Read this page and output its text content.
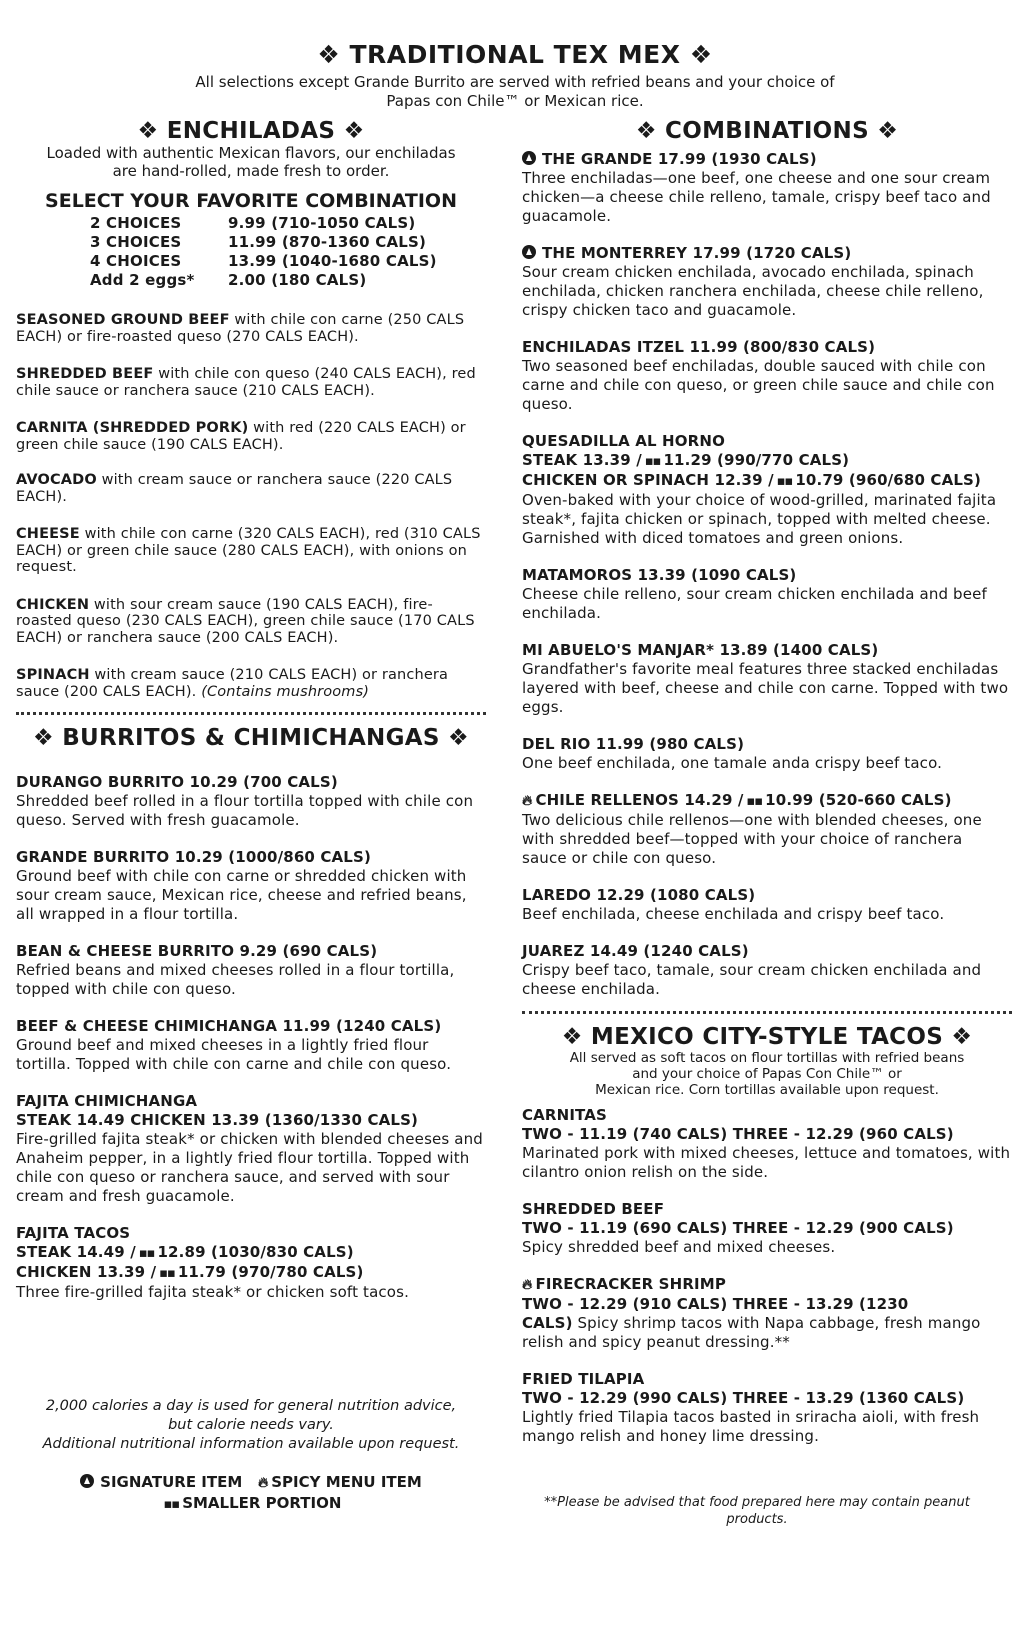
❖ TRADITIONAL TEX MEX ❖
All selections except Grande Burrito are served with refried beans and your choice of
Papas con Chile™ or Mexican rice.
❖ ENCHILADAS ❖
Loaded with authentic Mexican flavors, our enchiladas
are hand-rolled, made fresh to order.
SELECT YOUR FAVORITE COMBINATION
2 CHOICES	9.99 (710-1050 CALS)
3 CHOICES	11.99 (870-1360 CALS)
4 CHOICES	13.99 (1040-1680 CALS)
Add 2 eggs*	2.00 (180 CALS)
SEASONED GROUND BEEF with chile con carne (250 CALS EACH) or fire-roasted queso (270 CALS EACH).
SHREDDED BEEF with chile con queso (240 CALS EACH), red chile sauce or ranchera sauce (210 CALS EACH).
CARNITA (SHREDDED PORK) with red (220 CALS EACH) or green chile sauce (190 CALS EACH).
AVOCADO with cream sauce or ranchera sauce (220 CALS EACH).
CHEESE with chile con carne (320 CALS EACH), red (310 CALS EACH) or green chile sauce (280 CALS EACH), with onions on request.
CHICKEN with sour cream sauce (190 CALS EACH), fire-roasted queso (230 CALS EACH), green chile sauce (170 CALS EACH) or ranchera sauce (200 CALS EACH).
SPINACH with cream sauce (210 CALS EACH) or ranchera sauce (200 CALS EACH). (Contains mushrooms)
❖ BURRITOS & CHIMICHANGAS ❖
DURANGO BURRITO 10.29 (700 CALS)
Shredded beef rolled in a flour tortilla topped with chile con queso. Served with fresh guacamole.
GRANDE BURRITO 10.29 (1000/860 CALS)
Ground beef with chile con carne or shredded chicken with sour cream sauce, Mexican rice, cheese and refried beans, all wrapped in a flour tortilla.
BEAN & CHEESE BURRITO 9.29 (690 CALS)
Refried beans and mixed cheeses rolled in a flour tortilla, topped with chile con queso.
BEEF & CHEESE CHIMICHANGA 11.99 (1240 CALS)
Ground beef and mixed cheeses in a lightly fried flour tortilla. Topped with chile con carne and chile con queso.
FAJITA CHIMICHANGA
STEAK 14.49 CHICKEN 13.39 (1360/1330 CALS)
Fire-grilled fajita steak* or chicken with blended cheeses and Anaheim pepper, in a lightly fried flour tortilla. Topped with chile con queso or ranchera sauce, and served with sour cream and fresh guacamole.
FAJITA TACOS
STEAK 14.49 / ▪▪ 12.89 (1030/830 CALS)
CHICKEN 13.39 / ▪▪ 11.79 (970/780 CALS)
Three fire-grilled fajita steak* or chicken soft tacos.
2,000 calories a day is used for general nutrition advice,
but calorie needs vary.
Additional nutritional information available upon request.
SIGNATURE ITEM 🔥︎ SPICY MENU ITEM
▪▪ SMALLER PORTION
❖ COMBINATIONS ❖
THE GRANDE 17.99 (1930 CALS)
Three enchiladas—one beef, one cheese and one sour cream chicken—a cheese chile relleno, tamale, crispy beef taco and guacamole.
THE MONTERREY 17.99 (1720 CALS)
Sour cream chicken enchilada, avocado enchilada, spinach enchilada, chicken ranchera enchilada, cheese chile relleno, crispy chicken taco and guacamole.
ENCHILADAS ITZEL 11.99 (800/830 CALS)
Two seasoned beef enchiladas, double sauced with chile con carne and chile con queso, or green chile sauce and chile con queso.
QUESADILLA AL HORNO
STEAK 13.39 / ▪▪ 11.29 (990/770 CALS)
CHICKEN OR SPINACH 12.39 / ▪▪ 10.79 (960/680 CALS)
Oven-baked with your choice of wood-grilled, marinated fajita steak*, fajita chicken or spinach, topped with melted cheese. Garnished with diced tomatoes and green onions.
MATAMOROS 13.39 (1090 CALS)
Cheese chile relleno, sour cream chicken enchilada and beef enchilada.
MI ABUELO'S MANJAR* 13.89 (1400 CALS)
Grandfather's favorite meal features three stacked enchiladas layered with beef, cheese and chile con carne. Topped with two eggs.
DEL RIO 11.99 (980 CALS)
One beef enchilada, one tamale anda crispy beef taco.
🔥︎ CHILE RELLENOS 14.29 / ▪▪ 10.99 (520-660 CALS)
Two delicious chile rellenos—one with blended cheeses, one with shredded beef—topped with your choice of ranchera sauce or chile con queso.
LAREDO 12.29 (1080 CALS)
Beef enchilada, cheese enchilada and crispy beef taco.
JUAREZ 14.49 (1240 CALS)
Crispy beef taco, tamale, sour cream chicken enchilada and cheese enchilada.
❖ MEXICO CITY-STYLE TACOS ❖
All served as soft tacos on flour tortillas with refried beans
and your choice of Papas Con Chile™ or
Mexican rice. Corn tortillas available upon request.
CARNITAS
TWO - 11.19 (740 CALS) THREE - 12.29 (960 CALS)
Marinated pork with mixed cheeses, lettuce and tomatoes, with cilantro onion relish on the side.
SHREDDED BEEF
TWO - 11.19 (690 CALS) THREE - 12.29 (900 CALS)
Spicy shredded beef and mixed cheeses.
🔥︎ FIRECRACKER SHRIMP
TWO - 12.29 (910 CALS) THREE - 13.29 (1230
CALS) Spicy shrimp tacos with Napa cabbage, fresh mango relish and spicy peanut dressing.**
FRIED TILAPIA
TWO - 12.29 (990 CALS) THREE - 13.29 (1360 CALS)
Lightly fried Tilapia tacos basted in sriracha aioli, with fresh mango relish and honey lime dressing.
**Please be advised that food prepared here may contain peanut
products.
